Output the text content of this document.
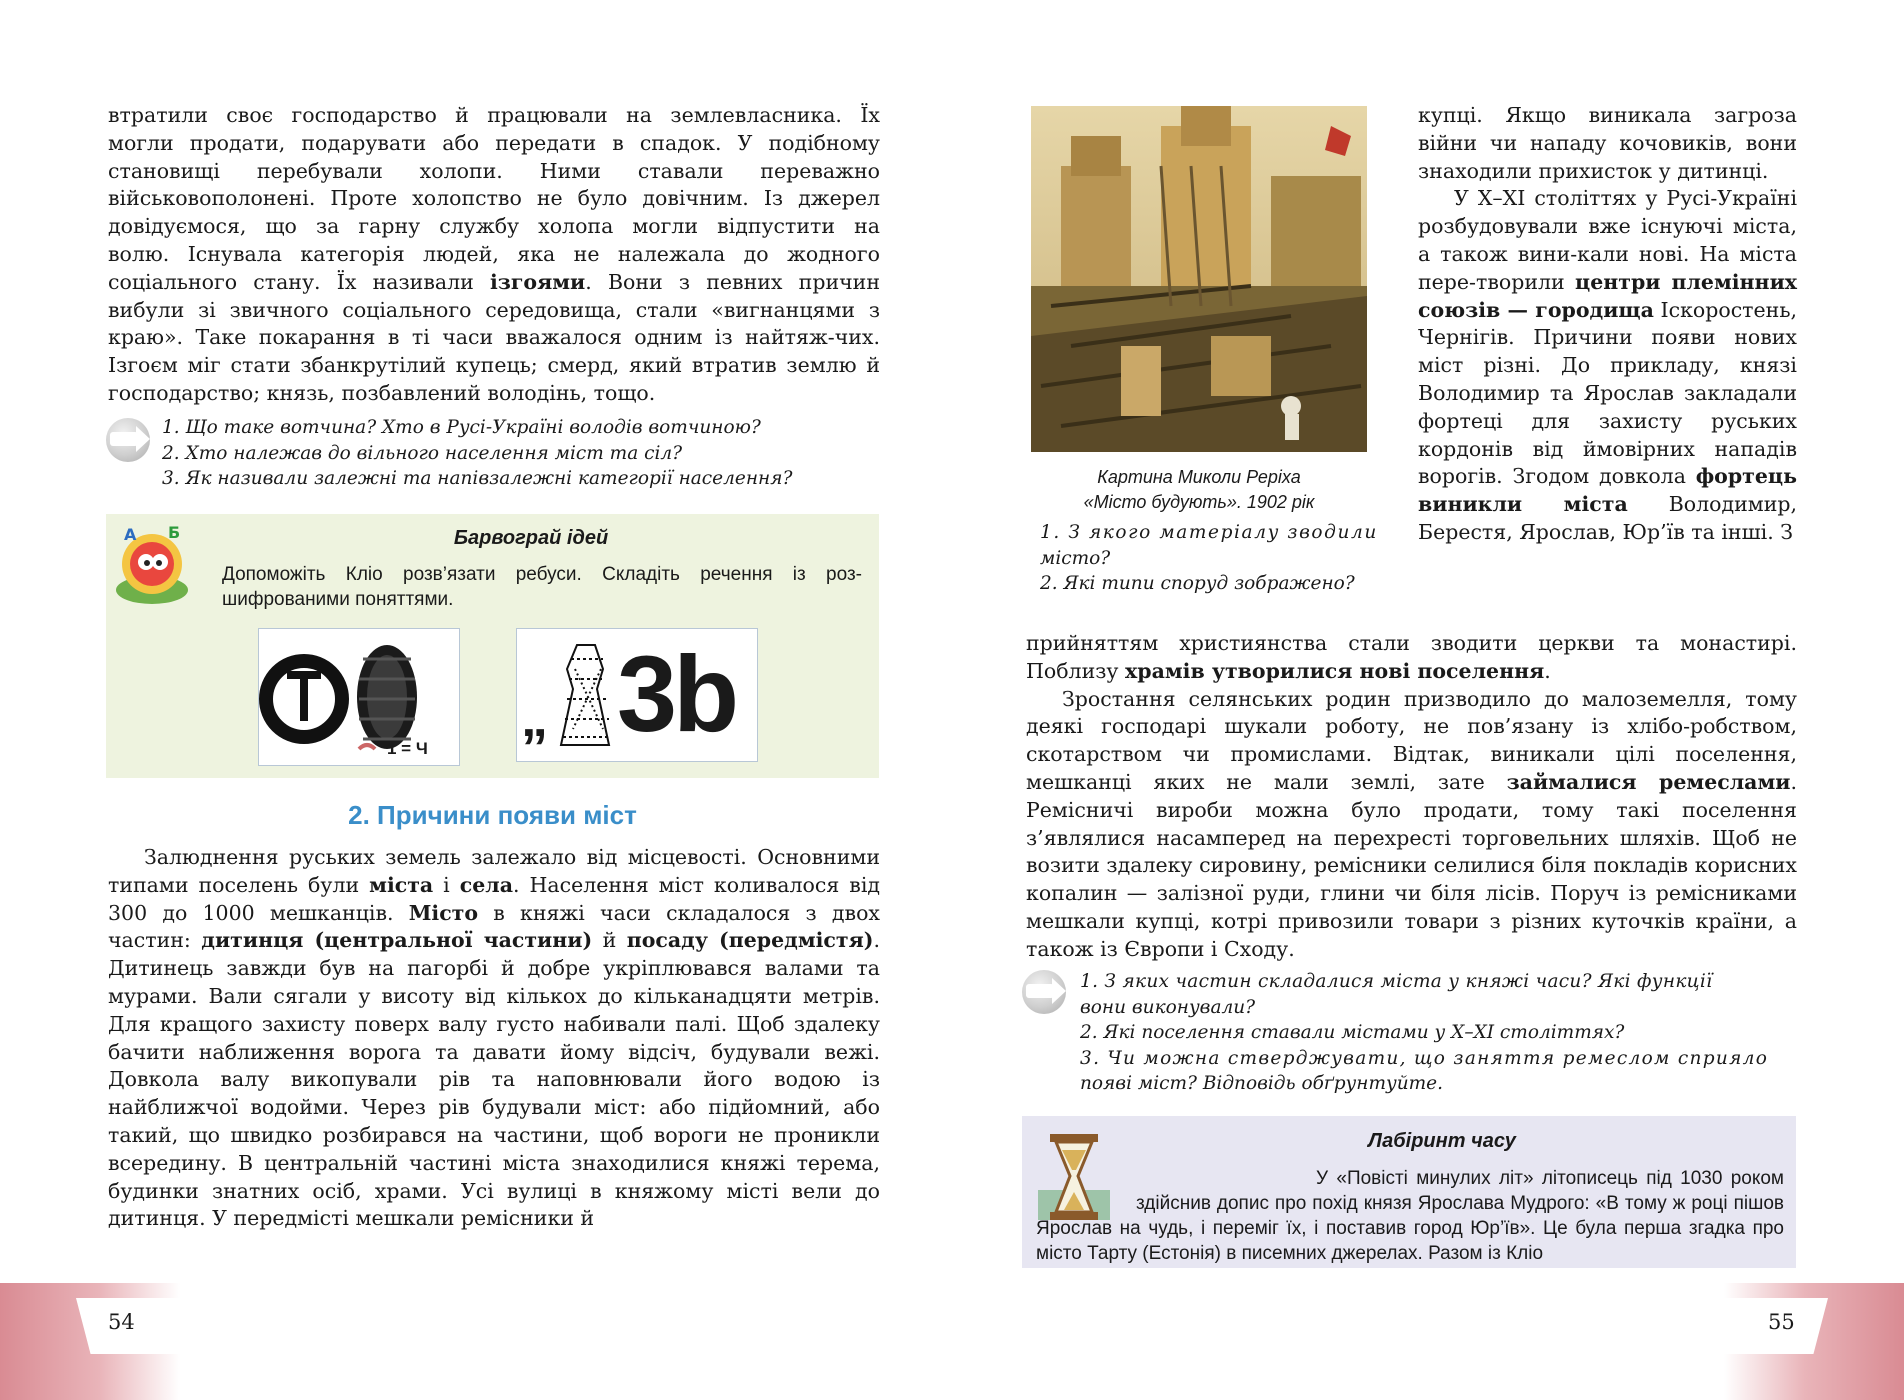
втратили своє господарство й працювали на землевласника. Їх
могли продати, подарувати або передати в спадок. У подібному
становищі перебували холопи. Ними ставали переважно
військовополонені. Проте холопство не було довічним. Із джерел
довідуємося, що за гарну службу холопа могли відпустити на
волю. Існувала категорія людей, яка не належала до жодного

соціального стану. Їх називали ізгоями. Вони з певних причин вибули зі звичного соціального середовища, стали «вигнанцями з краю». Таке покарання в ті часи вважалося одним із найтяж-чих. Ізгоєм міг стати збанкрутілий купець; смерд, який втратив землю й господарство; князь, позбавлений володінь, тощо.

1. Що таке вотчина? Хто в Русі-Україні володів вотчиною?
2. Хто належав до вільного населення міст та сіл?
3. Як називали залежні та напівзалежні категорії населення?
А Б	Барвограй ідей
Допоможіть Кліо розв’язати ребуси. Складіть речення із роз-шифрованими поняттями.
1 = Ч
„ 3b
2. Причини появи міст

Залюднення руських земель залежало від місцевості. Основними типами поселень були міста і села. Населення міст коливалося від 300 до 1000 мешканців. Місто в княжі часи складалося з двох частин: дитинця (центральної частини) й посаду (передмістя). Дитинець завжди був на пагорбі й добре укріплювався валами та мурами. Вали сягали у висоту від кількох до кільканадцяти метрів. Для кращого захисту поверх валу густо набивали палі. Щоб здалеку бачити наближення ворога та давати йому відсіч, будували вежі. Довкола валу викопували рів та наповнювали його водою із найближчої водойми. Через рів будували міст: або підйомний, або такий, що швидко розбирався на частини, щоб вороги не проникли всередину. В центральній частині міста знаходилися княжі терема, будинки знатних осіб, храми. Усі вулиці в княжому місті вели до дитинця. У передмісті мешкали ремісники й

54
Картина Миколи Реріха
«Місто будують». 1902 рік
1. З якого матеріалу зводили
місто?
2. Які типи споруд зображено?

купці. Якщо виникала загроза війни чи нападу кочовиків, вони знаходили прихисток у дитинці.

У X–XI століттях у Русі-Україні розбудовували вже існуючі міста, а також вини-кали нові. На міста пере-творили центри племінних союзів — городища Іскоростень, Чернігів. Причини появи нових міст різні. До прикладу, князі Володимир та Ярослав закладали фортеці для захисту руських кордонів від ймовірних нападів ворогів. Згодом довкола фортець виникли міста Володимир, Берестя, Ярослав, Юр’їв та інші. З

прийняттям християнства стали зводити церкви та монастирі. Поблизу храмів утворилися нові поселення.

Зростання селянських родин призводило до малоземелля, тому деякі господарі шукали роботу, не пов’язану із хлібо-робством, скотарством чи промислами. Відтак, виникали цілі поселення, мешканці яких не мали землі, зате займалися ремеслами. Ремісничі вироби можна було продати, тому такі поселення з’являлися насамперед на перехресті торговельних шляхів. Щоб не возити здалеку сировину, ремісники селилися біля покладів корисних копалин — залізної руди, глини чи біля лісів. Поруч із ремісниками мешкали купці, котрі привозили товари з різних куточків країни, а також із Європи і Сходу.

1. З яких частин складалися міста у княжі часи? Які функції
вони виконували?
2. Які поселення ставали містами у X–XI століттях?
3. Чи можна стверджувати, що заняття ремеслом сприяло
появі міст? Відповідь обґрунтуйте.
Лабіринт часу
У «Повісті минулих літ» літописець під 1030 роком здійснив допис про похід князя Ярослава Мудрого: «В тому ж році пішов Ярослав на чудь, і переміг їх, і поставив город Юр’їв». Це була перша згадка про місто Тарту (Естонія) в писемних джерелах. Разом із Кліо
55
